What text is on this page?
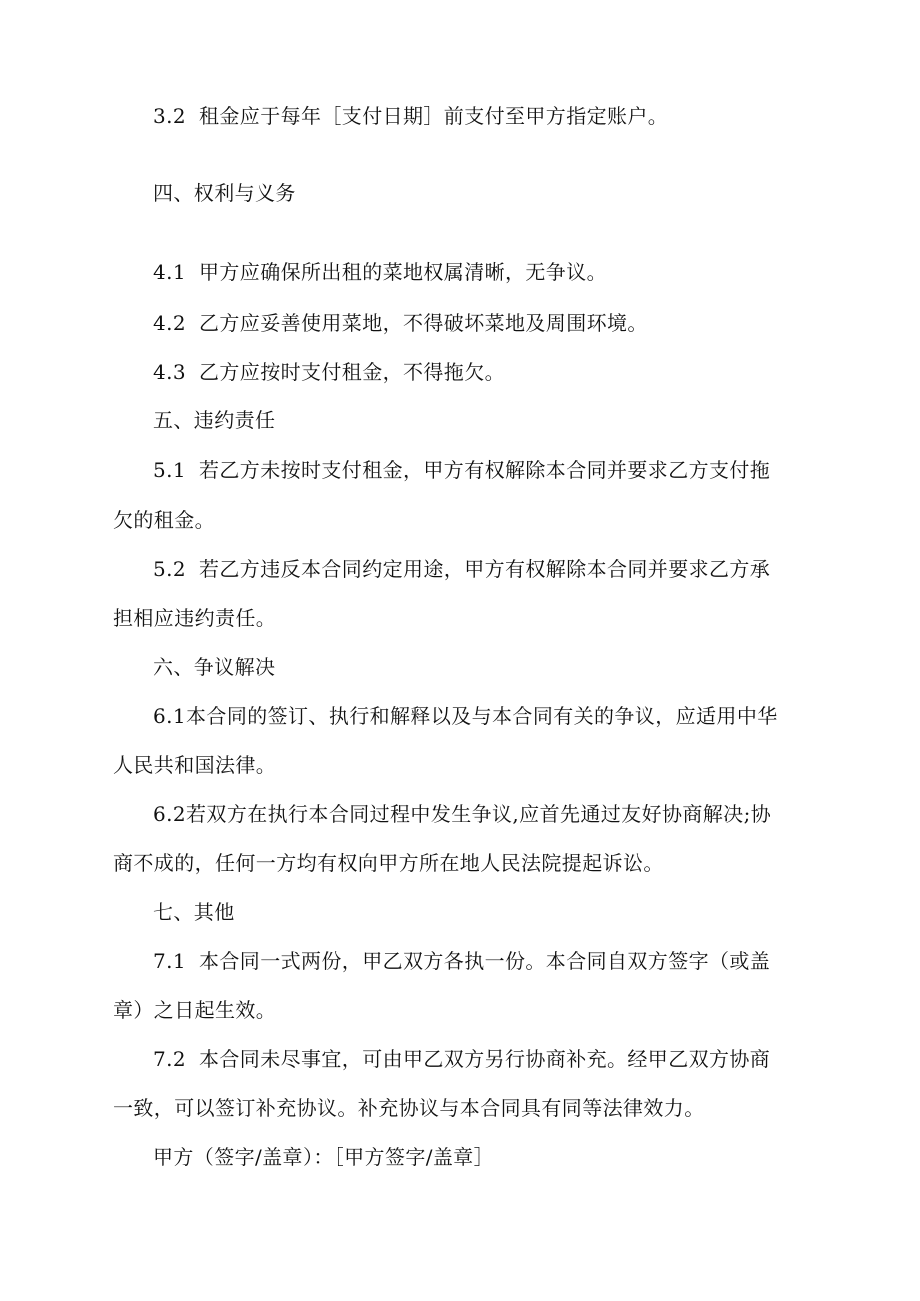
3.2 租金应于每年［支付日期］前支付至甲方指定账户。
四、权利与义务
4.1 甲方应确保所出租的菜地权属清晰，无争议。
4.2 乙方应妥善使用菜地，不得破坏菜地及周围环境。
4.3 乙方应按时支付租金，不得拖欠。
五、违约责任
5.1 若乙方未按时支付租金，甲方有权解除本合同并要求乙方支付拖
欠的租金。
5.2 若乙方违反本合同约定用途，甲方有权解除本合同并要求乙方承
担相应违约责任。
六、争议解决
6.1本合同的签订、执行和解释以及与本合同有关的争议，应适用中华
人民共和国法律。
6.2若双方在执行本合同过程中发生争议,应首先通过友好协商解决;协
商不成的，任何一方均有权向甲方所在地人民法院提起诉讼。
七、其他
7.1 本合同一式两份，甲乙双方各执一份。本合同自双方签字（或盖
章）之日起生效。
7.2 本合同未尽事宜，可由甲乙双方另行协商补充。经甲乙双方协商
一致，可以签订补充协议。补充协议与本合同具有同等法律效力。
甲方（签字/盖章）：［甲方签字/盖章］
